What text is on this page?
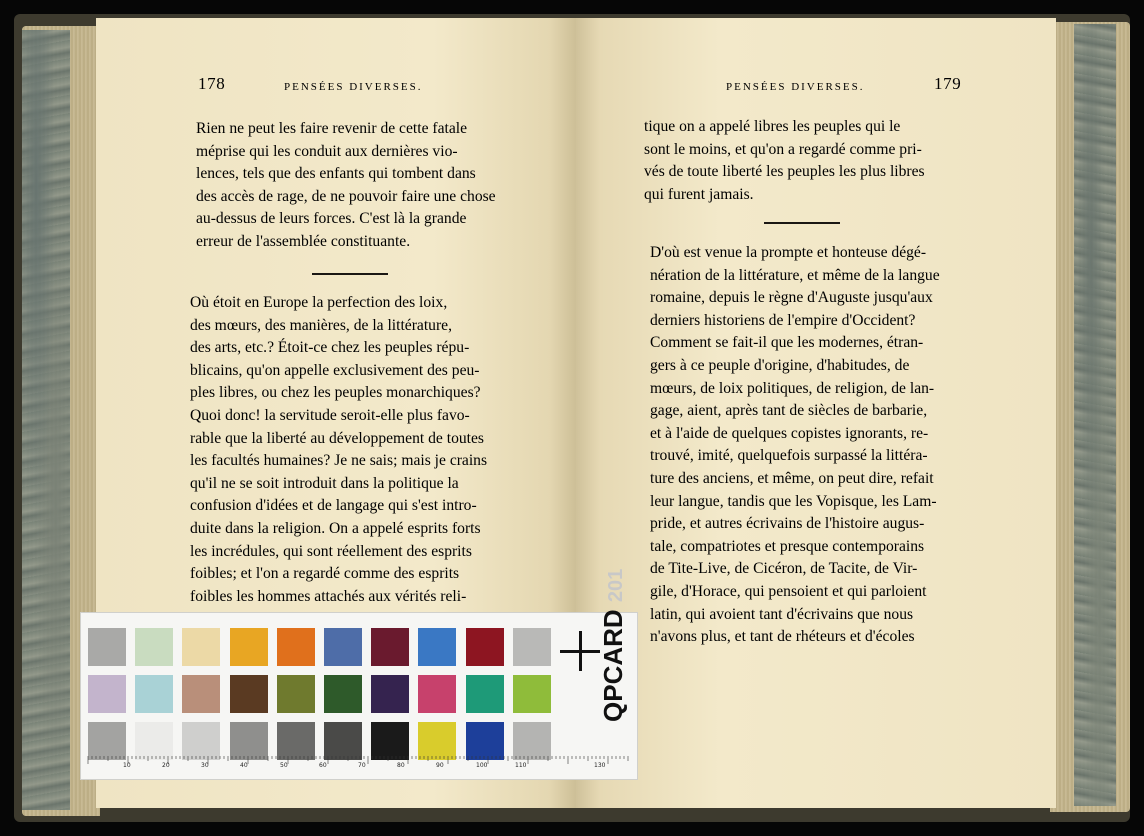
178	PENSÉES DIVERSES.
Rien ne peut les faire revenir de cette fatale
méprise qui les conduit aux dernières vio-
lences, tels que des enfants qui tombent dans
des accès de rage, de ne pouvoir faire une chose
au-dessus de leurs forces. C'est là la grande
erreur de l'assemblée constituante.
Où étoit en Europe la perfection des loix,
des mœurs, des manières, de la littérature,
des arts, etc.? Étoit-ce chez les peuples répu-
blicains, qu'on appelle exclusivement des peu-
ples libres, ou chez les peuples monarchiques?
Quoi donc! la servitude seroit-elle plus favo-
rable que la liberté au développement de toutes
les facultés humaines? Je ne sais; mais je crains
qu'il ne se soit introduit dans la politique la
confusion d'idées et de langage qui s'est intro-
duite dans la religion. On a appelé esprits forts
les incrédules, qui sont réellement des esprits
foibles; et l'on a regardé comme des esprits
foibles les hommes attachés aux vérités reli-
PENSÉES DIVERSES.	179
tique on a appelé libres les peuples qui le
sont le moins, et qu'on a regardé comme pri-
vés de toute liberté les peuples les plus libres
qui furent jamais.
D'où est venue la prompte et honteuse dégé-
nération de la littérature, et même de la langue
romaine, depuis le règne d'Auguste jusqu'aux
derniers historiens de l'empire d'Occident?
Comment se fait-il que les modernes, étran-
gers à ce peuple d'origine, d'habitudes, de
mœurs, de loix politiques, de religion, de lan-
gage, aient, après tant de siècles de barbarie,
et à l'aide de quelques copistes ignorants, re-
trouvé, imité, quelquefois surpassé la littéra-
ture des anciens, et même, on peut dire, refait
leur langue, tandis que les Vopisque, les Lam-
pride, et autres écrivains de l'histoire augus-
tale, compatriotes et presque contemporains
de Tite-Live, de Cicéron, de Tacite, de Vir-
gile, d'Horace, qui pensoient et qui parloient
latin, qui avoient tant d'écrivains que nous
n'avons plus, et tant de rhéteurs et d'écoles
QPCARD 201
10	20	30	40	50	60	70	80	90	100	110	130
